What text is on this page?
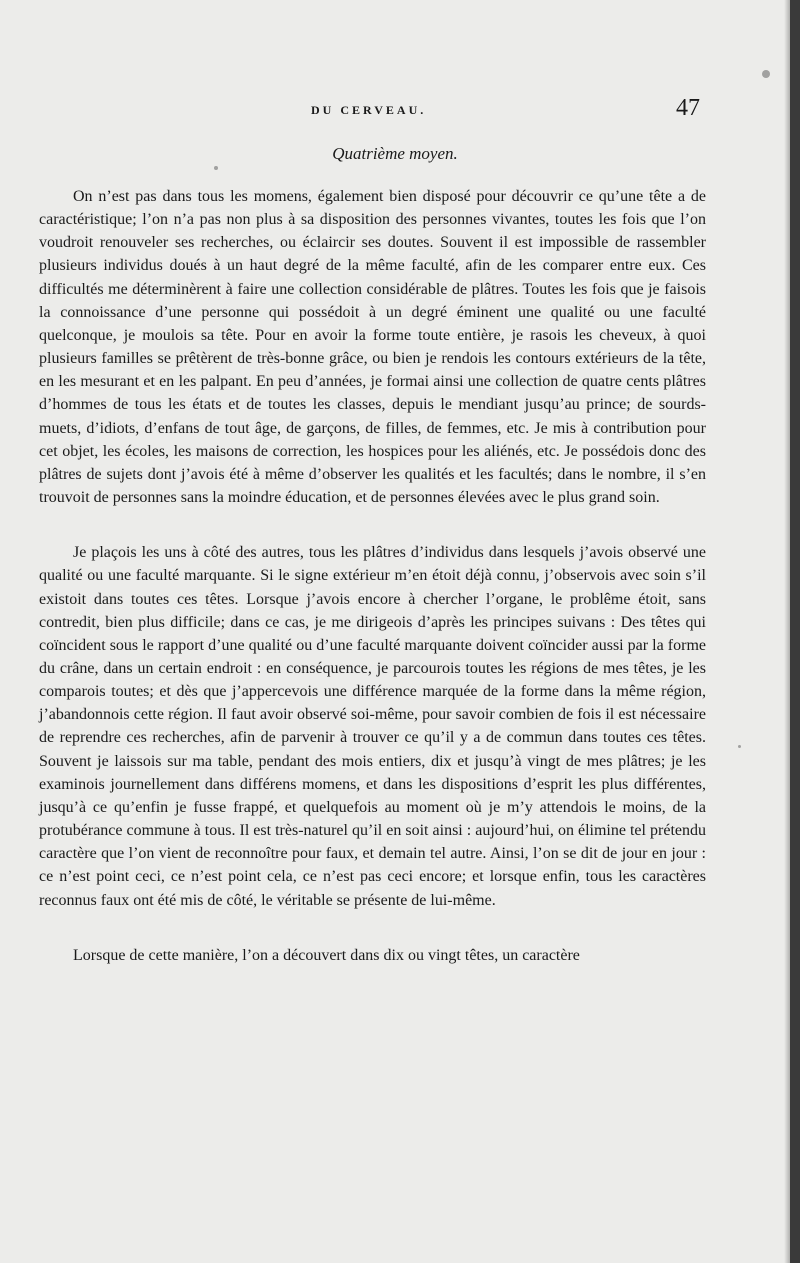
DU CERVEAU.	47
Quatrième moyen.

On n’est pas dans tous les momens, également bien disposé pour découvrir ce qu’une tête a de caractéristique; l’on n’a pas non plus à sa disposition des personnes vivantes, toutes les fois que l’on voudroit renouveler ses recherches, ou éclaircir ses doutes. Souvent il est impossible de rassembler plusieurs individus doués à un haut degré de la même faculté, afin de les comparer entre eux. Ces difficultés me déterminèrent à faire une collection considérable de plâtres. Toutes les fois que je faisois la connoissance d’une personne qui possédoit à un degré éminent une qualité ou une faculté quelconque, je moulois sa tête. Pour en avoir la forme toute entière, je rasois les cheveux, à quoi plusieurs familles se prêtèrent de très-bonne grâce, ou bien je rendois les contours extérieurs de la tête, en les mesurant et en les palpant. En peu d’années, je formai ainsi une collection de quatre cents plâtres d’hommes de tous les états et de toutes les classes, depuis le mendiant jusqu’au prince; de sourds-muets, d’idiots, d’enfans de tout âge, de garçons, de filles, de femmes, etc. Je mis à contribution pour cet objet, les écoles, les maisons de correction, les hospices pour les aliénés, etc. Je possédois donc des plâtres de sujets dont j’avois été à même d’observer les qualités et les facultés; dans le nombre, il s’en trouvoit de personnes sans la moindre éducation, et de personnes élevées avec le plus grand soin.

Je plaçois les uns à côté des autres, tous les plâtres d’individus dans lesquels j’avois observé une qualité ou une faculté marquante. Si le signe extérieur m’en étoit déjà connu, j’observois avec soin s’il existoit dans toutes ces têtes. Lorsque j’avois encore à chercher l’organe, le problême étoit, sans contredit, bien plus difficile; dans ce cas, je me dirigeois d’après les principes suivans : Des têtes qui coïncident sous le rapport d’une qualité ou d’une faculté marquante doivent coïncider aussi par la forme du crâne, dans un certain endroit : en conséquence, je parcourois toutes les régions de mes têtes, je les comparois toutes; et dès que j’appercevois une différence marquée de la forme dans la même région, j’abandonnois cette région. Il faut avoir observé soi-même, pour savoir combien de fois il est nécessaire de reprendre ces recherches, afin de parvenir à trouver ce qu’il y a de commun dans toutes ces têtes. Souvent je laissois sur ma table, pendant des mois entiers, dix et jusqu’à vingt de mes plâtres; je les examinois journellement dans différens momens, et dans les dispositions d’esprit les plus différentes, jusqu’à ce qu’enfin je fusse frappé, et quelquefois au moment où je m’y attendois le moins, de la protubérance commune à tous. Il est très-naturel qu’il en soit ainsi : aujourd’hui, on élimine tel prétendu caractère que l’on vient de reconnoître pour faux, et demain tel autre. Ainsi, l’on se dit de jour en jour : ce n’est point ceci, ce n’est point cela, ce n’est pas ceci encore; et lorsque enfin, tous les caractères reconnus faux ont été mis de côté, le véritable se présente de lui-même.

Lorsque de cette manière, l’on a découvert dans dix ou vingt têtes, un caractère
